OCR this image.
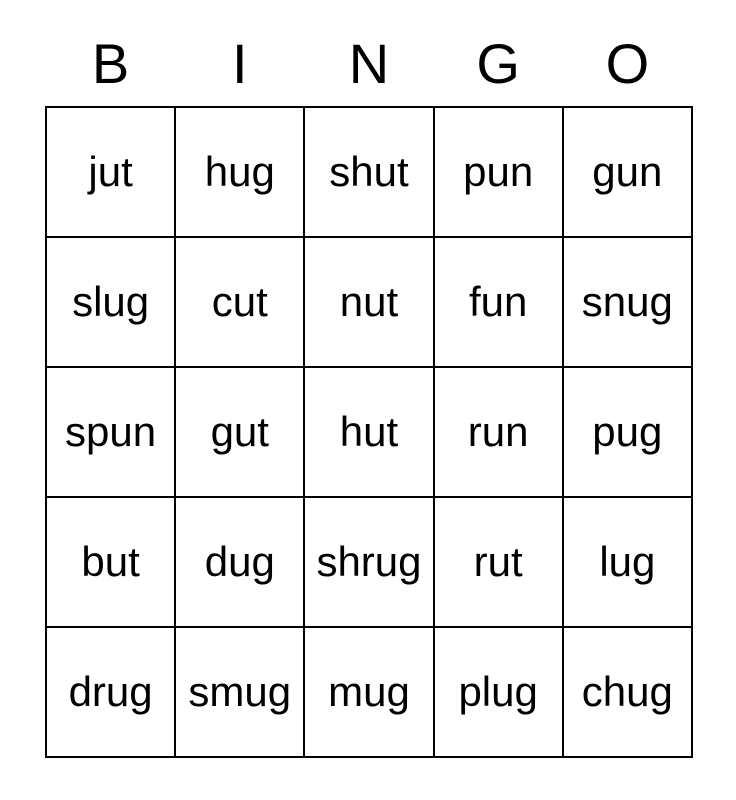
B	I	N	G	O
jut	hug	shut	pun	gun
slug	cut	nut	fun	snug
spun	gut	hut	run	pug
but	dug	shrug	rut	lug
drug	smug	mug	plug	chug
